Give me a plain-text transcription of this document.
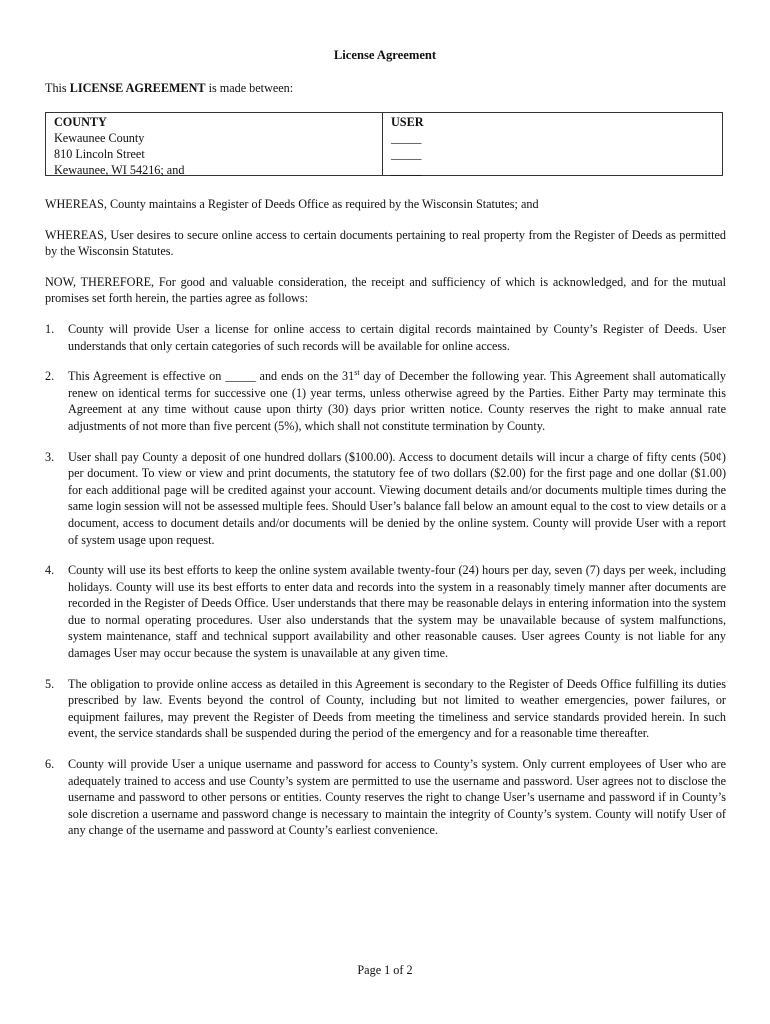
License Agreement
This LICENSE AGREEMENT is made between:
COUNTY
Kewaunee County
810 Lincoln Street
Kewaunee, WI 54216; and
USER
_____
_____
_____

WHEREAS, County maintains a Register of Deeds Office as required by the Wisconsin Statutes; and

WHEREAS, User desires to secure online access to certain documents pertaining to real property from the Register of Deeds as permitted by the Wisconsin Statutes.

NOW, THEREFORE, For good and valuable consideration, the receipt and sufficiency of which is acknowledged, and for the mutual promises set forth herein, the parties agree as follows:

1. County will provide User a license for online access to certain digital records maintained by County’s Register of Deeds. User understands that only certain categories of such records will be available for online access.
2. This Agreement is effective on _____ and ends on the 31st day of December the following year. This Agreement shall automatically renew on identical terms for successive one (1) year terms, unless otherwise agreed by the Parties. Either Party may terminate this Agreement at any time without cause upon thirty (30) days prior written notice. County reserves the right to make annual rate adjustments of not more than five percent (5%), which shall not constitute termination by County.
3. User shall pay County a deposit of one hundred dollars ($100.00). Access to document details will incur a charge of fifty cents (50¢) per document. To view or view and print documents, the statutory fee of two dollars ($2.00) for the first page and one dollar ($1.00) for each additional page will be credited against your account. Viewing document details and/or documents multiple times during the same login session will not be assessed multiple fees. Should User’s balance fall below an amount equal to the cost to view details or a document, access to document details and/or documents will be denied by the online system. County will provide User with a report of system usage upon request.
4. County will use its best efforts to keep the online system available twenty-four (24) hours per day, seven (7) days per week, including holidays. County will use its best efforts to enter data and records into the system in a reasonably timely manner after documents are recorded in the Register of Deeds Office. User understands that there may be reasonable delays in entering information into the system due to normal operating procedures. User also understands that the system may be unavailable because of system malfunctions, system maintenance, staff and technical support availability and other reasonable causes. User agrees County is not liable for any damages User may occur because the system is unavailable at any given time.
5. The obligation to provide online access as detailed in this Agreement is secondary to the Register of Deeds Office fulfilling its duties prescribed by law. Events beyond the control of County, including but not limited to weather emergencies, power failures, or equipment failures, may prevent the Register of Deeds from meeting the timeliness and service standards provided herein. In such event, the service standards shall be suspended during the period of the emergency and for a reasonable time thereafter.
6. County will provide User a unique username and password for access to County’s system. Only current employees of User who are adequately trained to access and use County’s system are permitted to use the username and password. User agrees not to disclose the username and password to other persons or entities. County reserves the right to change User’s username and password if in County’s sole discretion a username and password change is necessary to maintain the integrity of County’s system. County will notify User of any change of the username and password at County’s earliest convenience.
Page 1 of 2
